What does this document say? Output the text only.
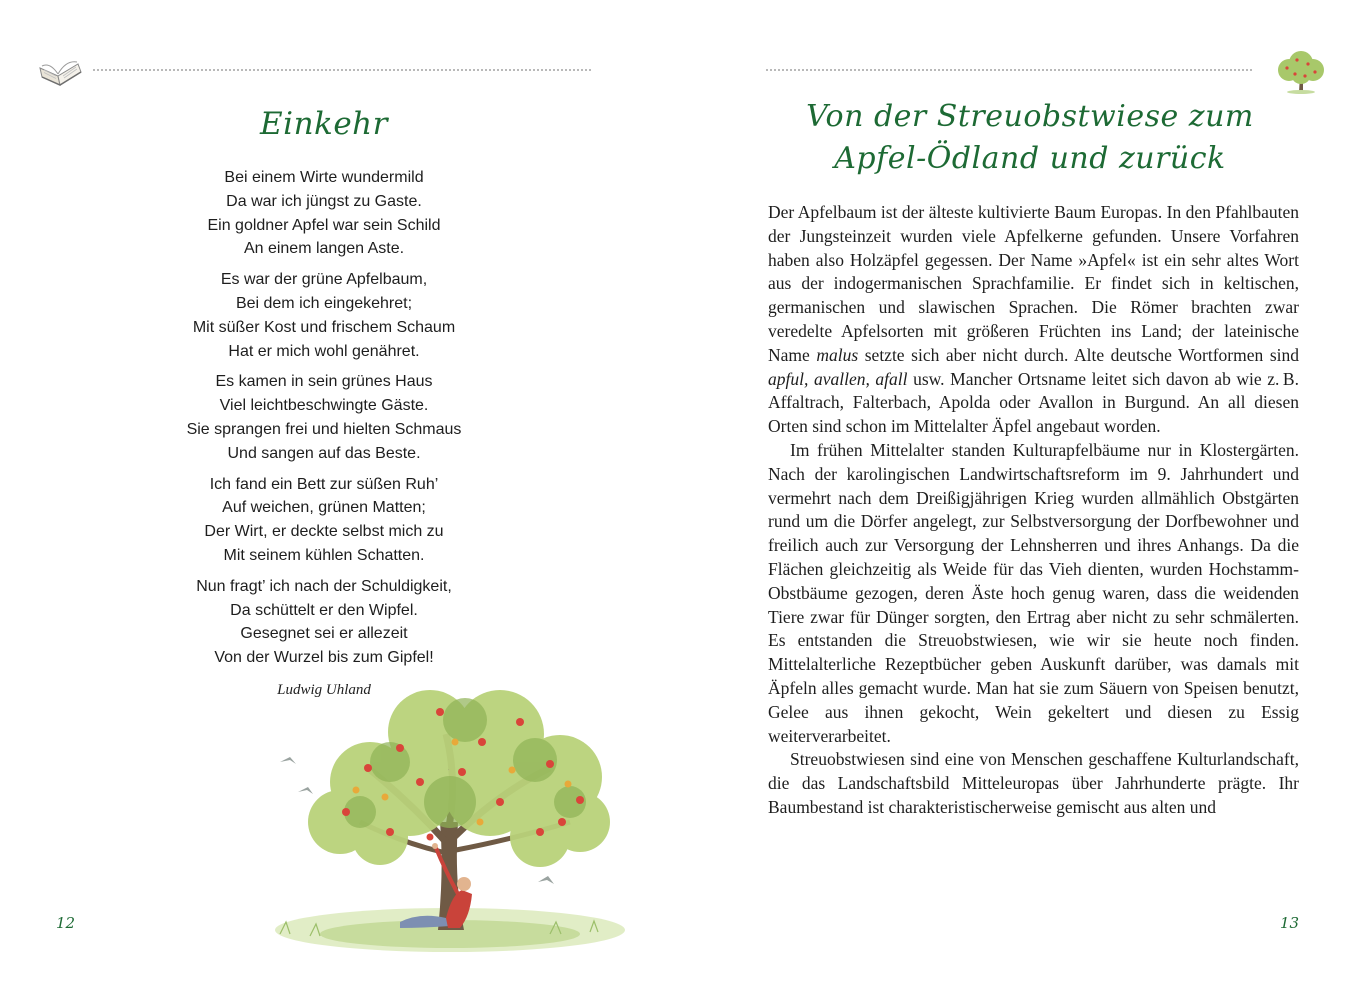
Einkehr
Bei einem Wirte wundermild
Da war ich jüngst zu Gaste.
Ein goldner Apfel war sein Schild
An einem langen Aste.
Es war der grüne Apfelbaum,
Bei dem ich eingekehret;
Mit süßer Kost und frischem Schaum
Hat er mich wohl genähret.
Es kamen in sein grünes Haus
Viel leichtbeschwingte Gäste.
Sie sprangen frei und hielten Schmaus
Und sangen auf das Beste.
Ich fand ein Bett zur süßen Ruh’
Auf weichen, grünen Matten;
Der Wirt, er deckte selbst mich zu
Mit seinem kühlen Schatten.
Nun fragt’ ich nach der Schuldigkeit,
Da schüttelt er den Wipfel.
Gesegnet sei er allezeit
Von der Wurzel bis zum Gipfel!
Ludwig Uhland
12
Von der Streuobstwiese zum
Apfel-Ödland und zurück

Der Apfelbaum ist der älteste kultivierte Baum Europas. In den Pfahlbauten der Jungsteinzeit wurden viele Apfelkerne gefunden. Unsere Vorfahren haben also Holzäpfel gegessen. Der Name »Apfel« ist ein sehr altes Wort aus der indogermanischen Sprachfamilie. Er findet sich in keltischen, germanischen und slawischen Sprachen. Die Römer brachten zwar veredelte Apfelsorten mit größeren Früchten ins Land; der lateinische Name malus setzte sich aber nicht durch. Alte deutsche Wortformen sind apful, avallen, afall usw. Mancher Ortsname leitet sich davon ab wie z. B. Affaltrach, Falterbach, Apolda oder Avallon in Burgund. An all diesen Orten sind schon im Mittelalter Äpfel angebaut worden.

Im frühen Mittelalter standen Kulturapfelbäume nur in Klostergärten. Nach der karolingischen Landwirtschaftsreform im 9. Jahrhundert und vermehrt nach dem Dreißigjährigen Krieg wurden allmählich Obstgärten rund um die Dörfer angelegt, zur Selbstversorgung der Dorfbewohner und freilich auch zur Versorgung der Lehnsherren und ihres Anhangs. Da die Flächen gleichzeitig als Weide für das Vieh dienten, wurden Hochstamm-Obstbäume gezogen, deren Äste hoch genug waren, dass die weidenden Tiere zwar für Dünger sorgten, den Ertrag aber nicht zu sehr schmälerten. Es entstanden die Streuobstwiesen, wie wir sie heute noch finden. Mittelalterliche Rezeptbücher geben Auskunft darüber, was damals mit Äpfeln alles gemacht wurde. Man hat sie zum Säuern von Speisen benutzt, Gelee aus ihnen gekocht, Wein gekeltert und diesen zu Essig weiterverarbeitet.

Streuobstwiesen sind eine von Menschen geschaffene Kulturlandschaft, die das Landschaftsbild Mitteleuropas über Jahrhunderte prägte. Ihr Baumbestand ist charakteristischerweise gemischt aus alten und

13
